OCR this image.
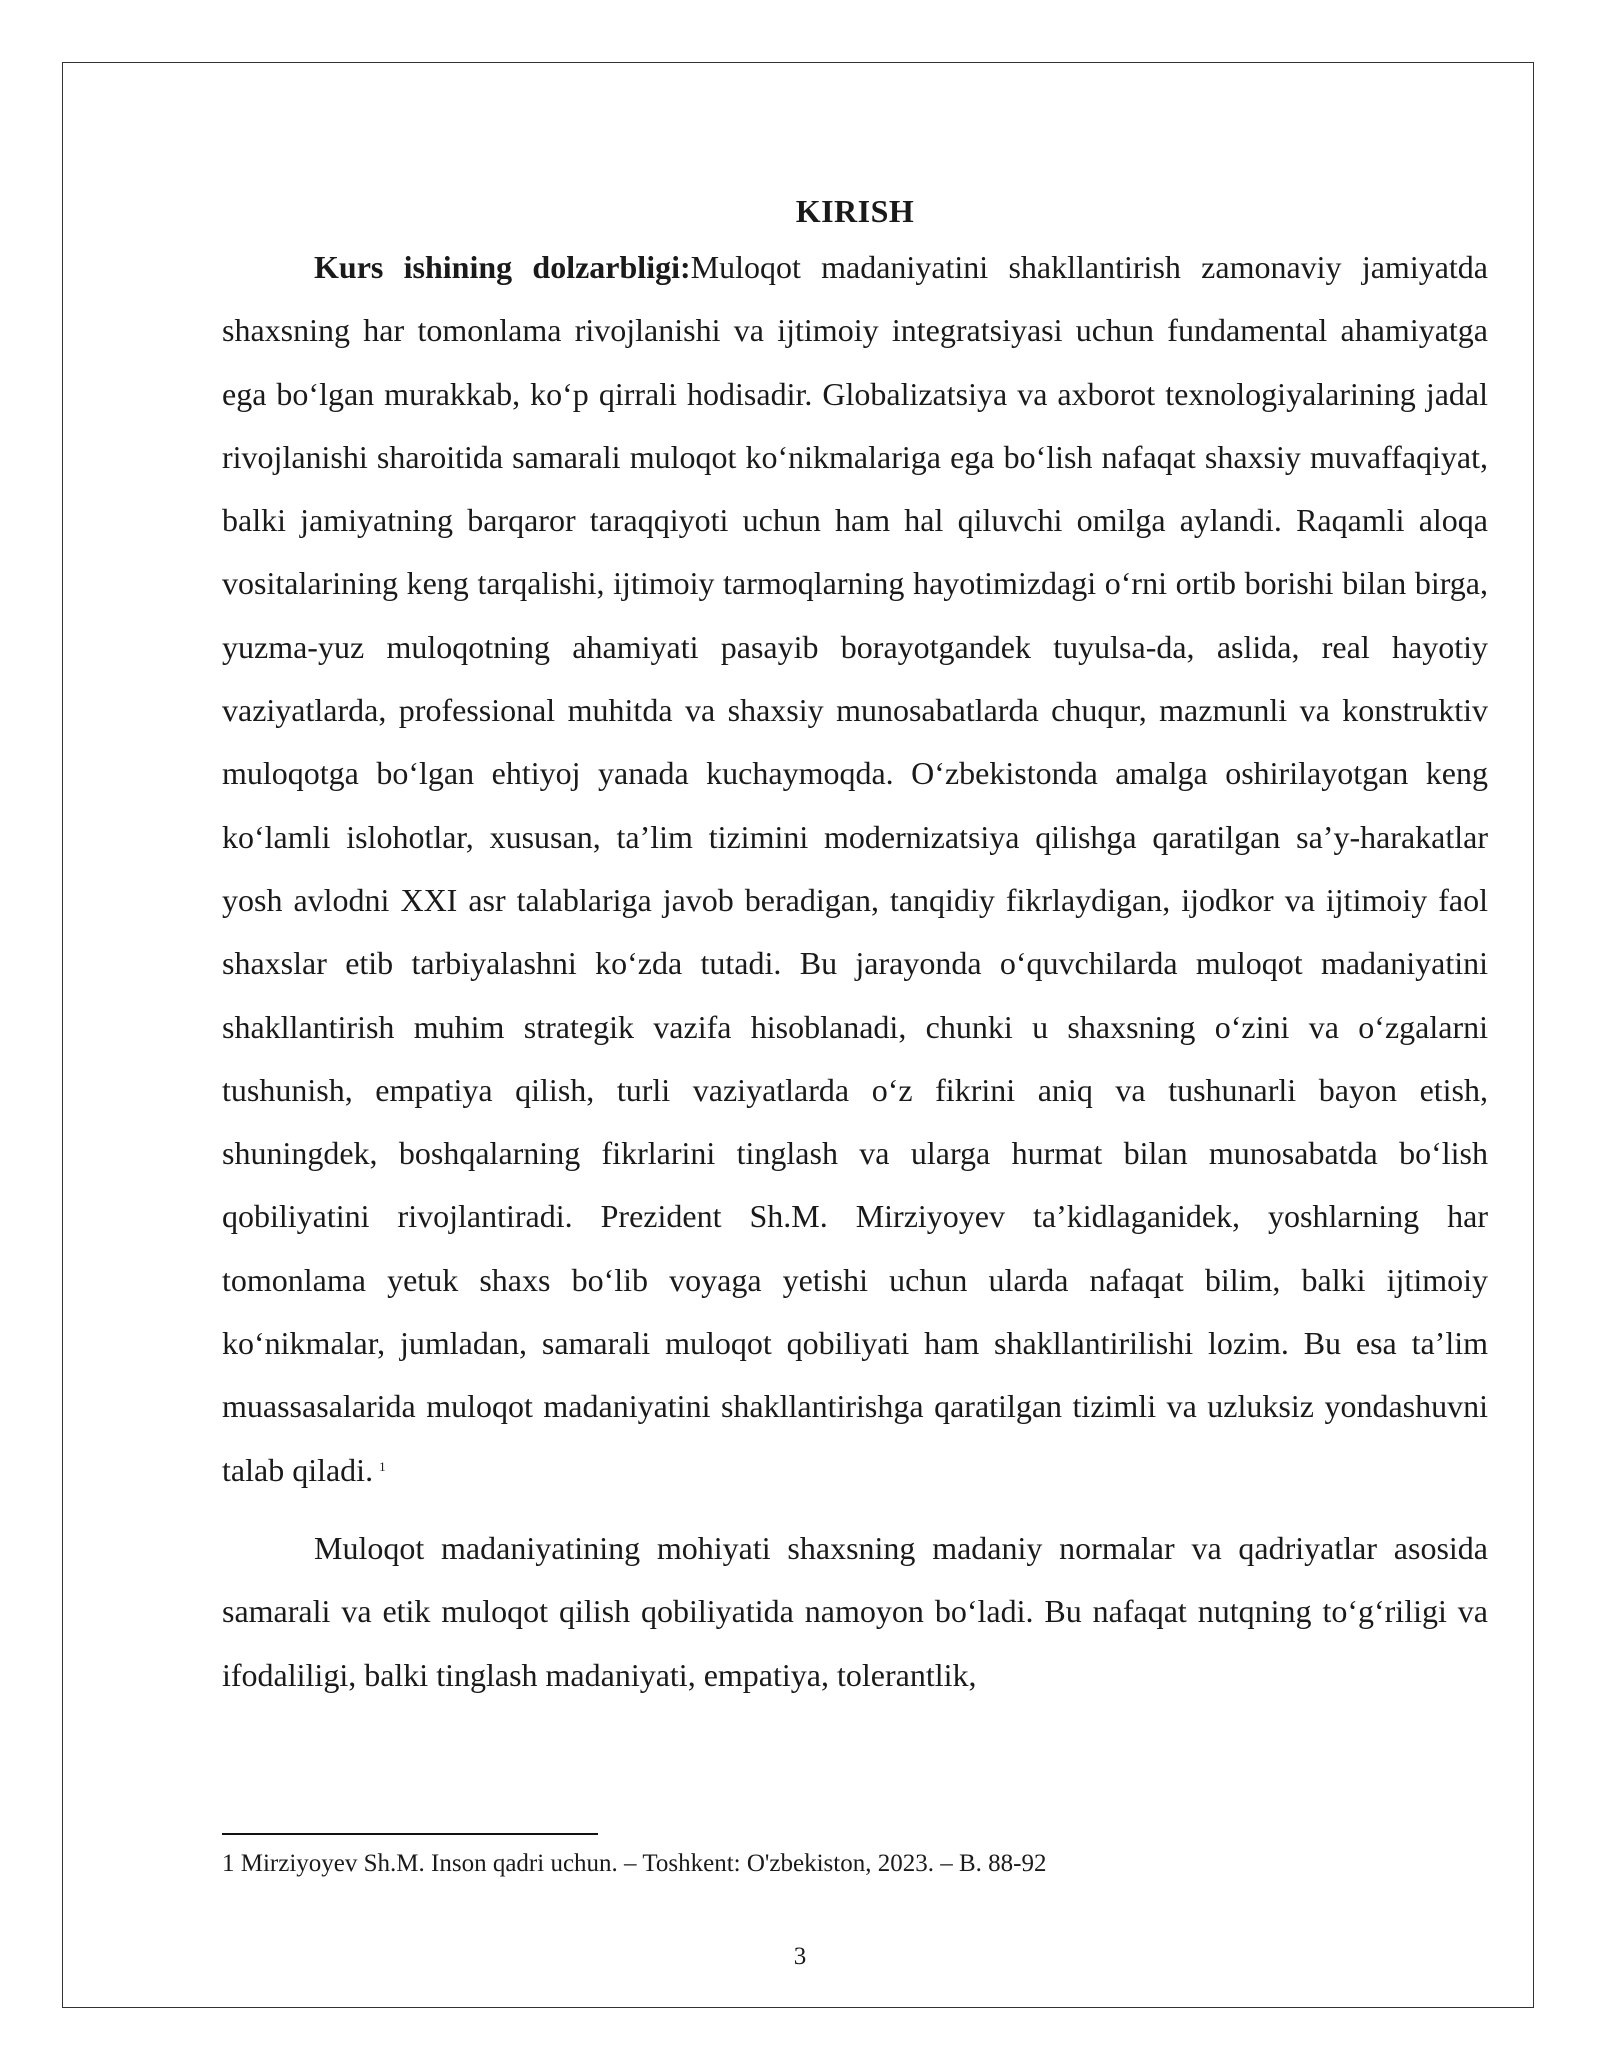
KIRISH

Kurs ishining dolzarbligi:Muloqot madaniyatini shakllantirish zamonaviy jamiyatda shaxsning har tomonlama rivojlanishi va ijtimoiy integratsiyasi uchun fundamental ahamiyatga ega boʻlgan murakkab, koʻp qirrali hodisadir. Globalizatsiya va axborot texnologiyalarining jadal rivojlanishi sharoitida samarali muloqot koʻnikmalariga ega boʻlish nafaqat shaxsiy muvaffaqiyat, balki jamiyatning barqaror taraqqiyoti uchun ham hal qiluvchi omilga aylandi. Raqamli aloqa vositalarining keng tarqalishi, ijtimoiy tarmoqlarning hayotimizdagi oʻrni ortib borishi bilan birga, yuzma-yuz muloqotning ahamiyati pasayib borayotgandek tuyulsa-da, aslida, real hayotiy vaziyatlarda, professional muhitda va shaxsiy munosabatlarda chuqur, mazmunli va konstruktiv muloqotga boʻlgan ehtiyoj yanada kuchaymoqda. Oʻzbekistonda amalga oshirilayotgan keng koʻlamli islohotlar, xususan, ta’lim tizimini modernizatsiya qilishga qaratilgan sa’y-harakatlar yosh avlodni XXI asr talablariga javob beradigan, tanqidiy fikrlaydigan, ijodkor va ijtimoiy faol shaxslar etib tarbiyalashni koʻzda tutadi. Bu jarayonda oʻquvchilarda muloqot madaniyatini shakllantirish muhim strategik vazifa hisoblanadi, chunki u shaxsning oʻzini va oʻzgalarni tushunish, empatiya qilish, turli vaziyatlarda oʻz fikrini aniq va tushunarli bayon etish, shuningdek, boshqalarning fikrlarini tinglash va ularga hurmat bilan munosabatda boʻlish qobiliyatini rivojlantiradi. Prezident Sh.M. Mirziyoyev ta’kidlaganidek, yoshlarning har tomonlama yetuk shaxs boʻlib voyaga yetishi uchun ularda nafaqat bilim, balki ijtimoiy koʻnikmalar, jumladan, samarali muloqot qobiliyati ham shakllantirilishi lozim. Bu esa ta’lim muassasalarida muloqot madaniyatini shakllantirishga qaratilgan tizimli va uzluksiz yondashuvni talab qiladi. $^1$

Muloqot madaniyatining mohiyati shaxsning madaniy normalar va qadriyatlar asosida samarali va etik muloqot qilish qobiliyatida namoyon boʻladi. Bu nafaqat nutqning toʻgʻriligi va ifodaliligi, balki tinglash madaniyati, empatiya, tolerantlik,

1 Mirziyoyev Sh.M. Inson qadri uchun. – Toshkent: O'zbekiston, 2023. – B. 88-92
3
